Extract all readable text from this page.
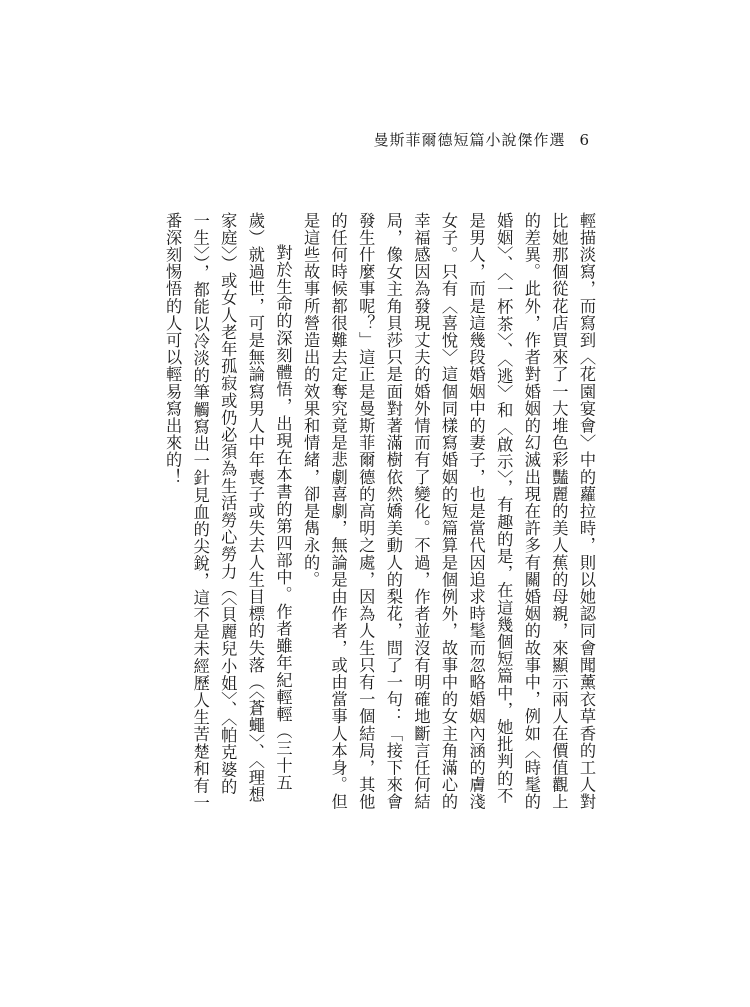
曼斯菲爾德短篇小說傑作選 6

輕描淡寫，而寫到〈花園宴會〉中的蘿拉時，則以她認同會聞薰衣草香的工人對比她那個從花店買來了一大堆色彩豔麗的美人蕉的母親，來顯示兩人在價值觀上的差異。此外，作者對婚姻的幻滅出現在許多有關婚姻的故事中，例如〈時髦的婚姻〉、〈一杯茶〉、〈逃〉和〈啟示〉，有趣的是，在這幾個短篇中，她批判的不是男人，而是這幾段婚姻中的妻子，也是當代因追求時髦而忽略婚姻內涵的膚淺女子。只有〈喜悅〉這個同樣寫婚姻的短篇算是個例外，故事中的女主角滿心的幸福感因為發現丈夫的婚外情而有了變化。不過，作者並沒有明確地斷言任何結局，像女主角貝莎只是面對著滿樹依然嬌美動人的梨花，問了一句：「接下來會發生什麼事呢？」這正是曼斯菲爾德的高明之處，因為人生只有一個結局，其他的任何時候都很難去定奪究竟是悲劇喜劇，無論是由作者，或由當事人本身。但是這些故事所營造出的效果和情緒，卻是雋永的。

對於生命的深刻體悟，出現在本書的第四部中。作者雖年紀輕輕（三十五歲）就過世，可是無論寫男人中年喪子或失去人生目標的失落（〈蒼蠅〉、〈理想家庭〉）或女人老年孤寂或仍必須為生活勞心勞力（〈貝麗兒小姐〉、〈帕克婆的一生〉），都能以冷淡的筆觸寫出一針見血的尖銳，這不是未經歷人生苦楚和有一番深刻惕悟的人可以輕易寫出來的！
